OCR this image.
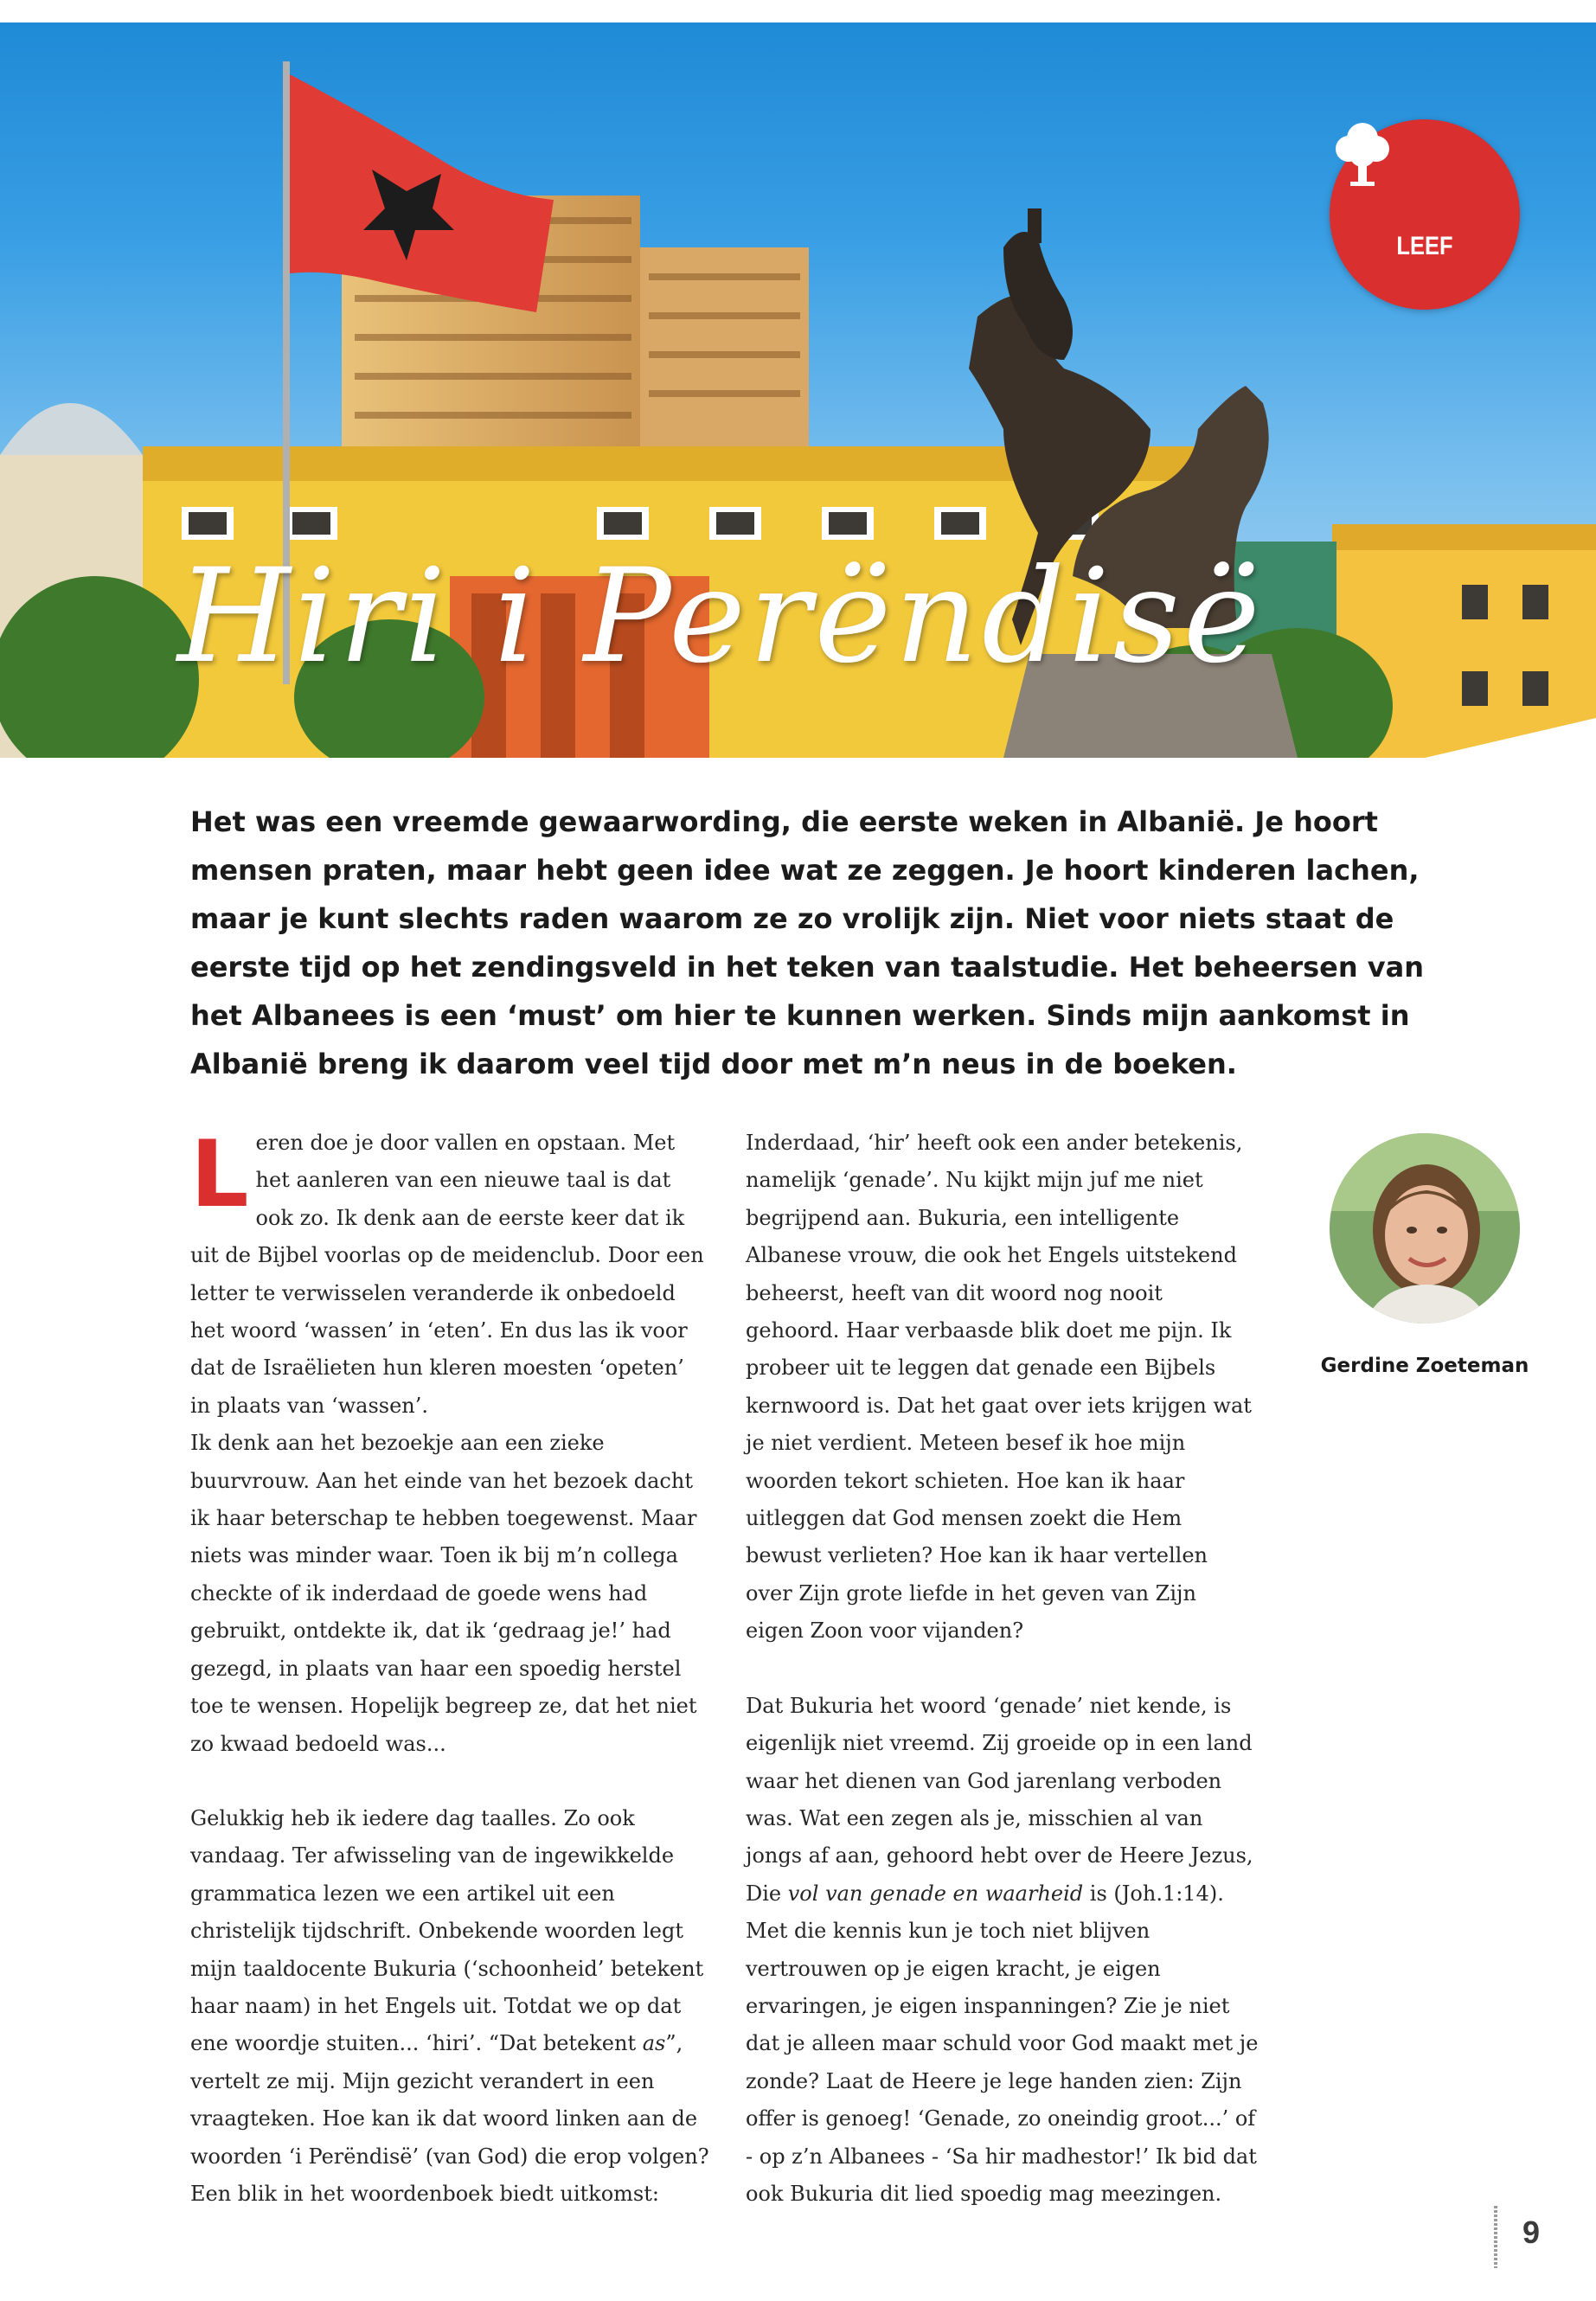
LEEF
Hiri i Perëndisë

Het was een vreemde gewaarwording, die eerste weken in Albanië. Je hoort mensen praten, maar hebt geen idee wat ze zeggen. Je hoort kinderen lachen, maar je kunt slechts raden waarom ze zo vrolijk zijn. Niet voor niets staat de eerste tijd op het zendingsveld in het teken van taalstudie. Het beheersen van het Albanees is een ‘must’ om hier te kunnen werken. Sinds mijn aankomst in Albanië breng ik daarom veel tijd door met m’n neus in de boeken.

Leren doe je door vallen en opstaan. Met het aanleren van een nieuwe taal is dat ook zo. Ik denk aan de eerste keer dat ik uit de Bijbel voorlas op de meidenclub. Door een letter te verwisselen veranderde ik onbedoeld het woord ‘wassen’ in ‘eten’. En dus las ik voor dat de Israëlieten hun kleren moesten ‘opeten’ in plaats van ‘wassen’.

Ik denk aan het bezoekje aan een zieke buurvrouw. Aan het einde van het bezoek dacht ik haar beterschap te hebben toegewenst. Maar niets was minder waar. Toen ik bij m’n collega checkte of ik inderdaad de goede wens had gebruikt, ontdekte ik, dat ik ‘gedraag je!’ had gezegd, in plaats van haar een spoedig herstel toe te wensen. Hopelijk begreep ze, dat het niet zo kwaad bedoeld was...

Gelukkig heb ik iedere dag taalles. Zo ook vandaag. Ter afwisseling van de ingewikkelde grammatica lezen we een artikel uit een christelijk tijdschrift. Onbekende woorden legt mijn taaldocente Bukuria (‘schoonheid’ betekent haar naam) in het Engels uit. Totdat we op dat ene woordje stuiten... ‘hiri’. “Dat betekent as”, vertelt ze mij. Mijn gezicht verandert in een vraagteken. Hoe kan ik dat woord linken aan de woorden ‘i Perëndisë’ (van God) die erop volgen? Een blik in het woordenboek biedt uitkomst:

Inderdaad, ‘hir’ heeft ook een ander betekenis, namelijk ‘genade’. Nu kijkt mijn juf me niet begrijpend aan. Bukuria, een intelligente Albanese vrouw, die ook het Engels uitstekend beheerst, heeft van dit woord nog nooit gehoord. Haar verbaasde blik doet me pijn. Ik probeer uit te leggen dat genade een Bijbels kernwoord is. Dat het gaat over iets krijgen wat je niet verdient. Meteen besef ik hoe mijn woorden tekort schieten. Hoe kan ik haar uitleggen dat God mensen zoekt die Hem bewust verlieten? Hoe kan ik haar vertellen over Zijn grote liefde in het geven van Zijn eigen Zoon voor vijanden?

Dat Bukuria het woord ‘genade’ niet kende, is eigenlijk niet vreemd. Zij groeide op in een land waar het dienen van God jarenlang verboden was. Wat een zegen als je, misschien al van jongs af aan, gehoord hebt over de Heere Jezus, Die vol van genade en waarheid is (Joh.1:14). Met die kennis kun je toch niet blijven vertrouwen op je eigen kracht, je eigen ervaringen, je eigen inspanningen? Zie je niet dat je alleen maar schuld voor God maakt met je zonde? Laat de Heere je lege handen zien: Zijn offer is genoeg! ‘Genade, zo oneindig groot...’ of - op z’n Albanees - ‘Sa hir madhestor!’ Ik bid dat ook Bukuria dit lied spoedig mag meezingen.

Gerdine Zoeteman
9
